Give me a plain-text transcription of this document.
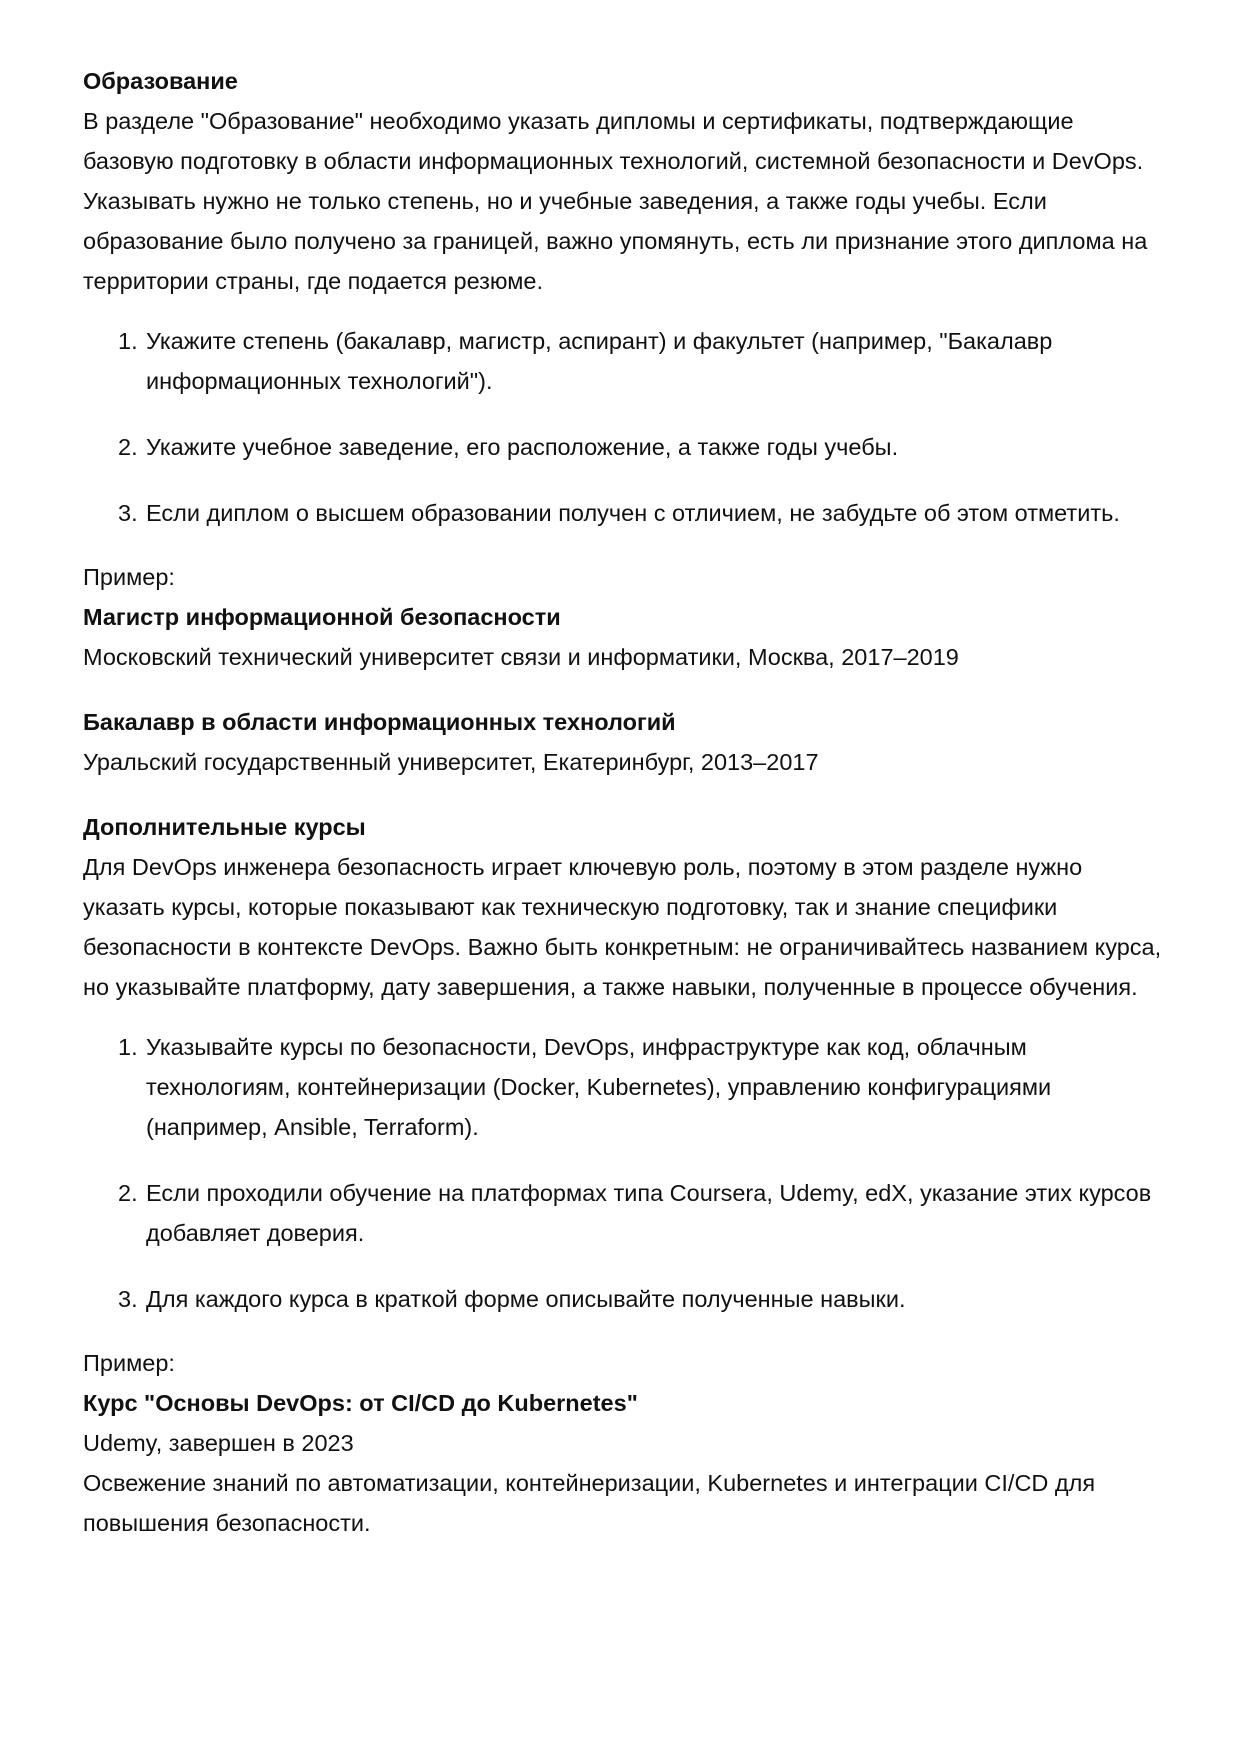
Образование

В разделе "Образование" необходимо указать дипломы и сертификаты, подтверждающие базовую подготовку в области информационных технологий, системной безопасности и DevOps. Указывать нужно не только степень, но и учебные заведения, а также годы учебы. Если образование было получено за границей, важно упомянуть, есть ли признание этого диплома на территории страны, где подается резюме.

1. Укажите степень (бакалавр, магистр, аспирант) и факультет (например, "Бакалавр информационных технологий").
2. Укажите учебное заведение, его расположение, а также годы учебы.
3. Если диплом о высшем образовании получен с отличием, не забудьте об этом отметить.

Пример:

Магистр информационной безопасности

Московский технический университет связи и информатики, Москва, 2017–2019

Бакалавр в области информационных технологий

Уральский государственный университет, Екатеринбург, 2013–2017

Дополнительные курсы

Для DevOps инженера безопасность играет ключевую роль, поэтому в этом разделе нужно указать курсы, которые показывают как техническую подготовку, так и знание специфики безопасности в контексте DevOps. Важно быть конкретным: не ограничивайтесь названием курса, но указывайте платформу, дату завершения, а также навыки, полученные в процессе обучения.

1. Указывайте курсы по безопасности, DevOps, инфраструктуре как код, облачным технологиям, контейнеризации (Docker, Kubernetes), управлению конфигурациями (например, Ansible, Terraform).
2. Если проходили обучение на платформах типа Coursera, Udemy, edX, указание этих курсов добавляет доверия.
3. Для каждого курса в краткой форме описывайте полученные навыки.

Пример:

Курс "Основы DevOps: от CI/CD до Kubernetes"

Udemy, завершен в 2023

Освежение знаний по автоматизации, контейнеризации, Kubernetes и интеграции CI/CD для повышения безопасности.
